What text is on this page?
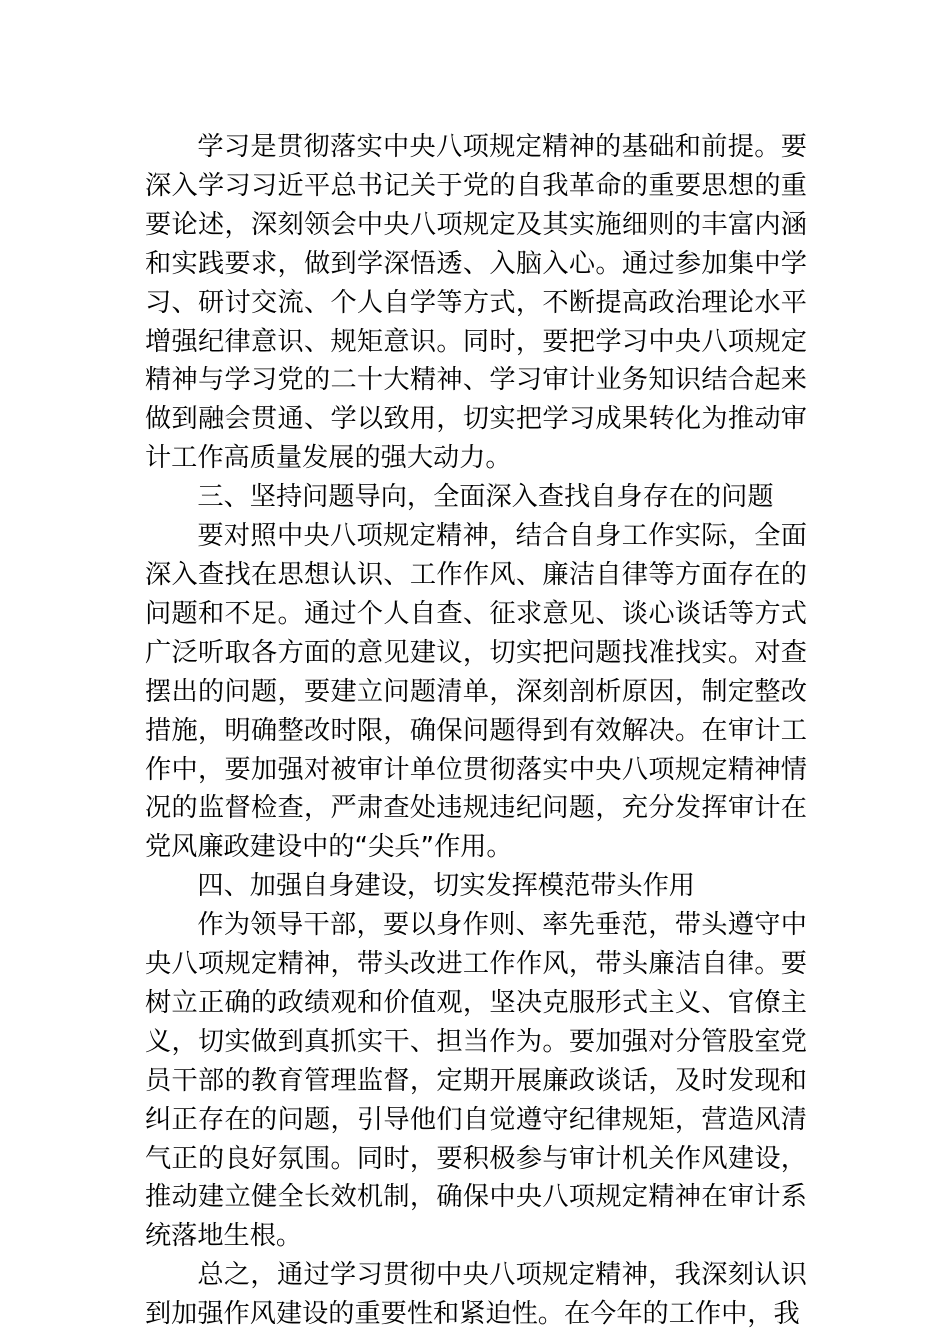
学习是贯彻落实中央八项规定精神的基础和前提。要深入学习习近平总书记关于党的自我革命的重要思想的重要论述，深刻领会中央八项规定及其实施细则的丰富内涵和实践要求，做到学深悟透、入脑入心。通过参加集中学习、研讨交流、个人自学等方式，不断提高政治理论水平增强纪律意识、规矩意识。同时，要把学习中央八项规定精神与学习党的二十大精神、学习审计业务知识结合起来做到融会贯通、学以致用，切实把学习成果转化为推动审计工作高质量发展的强大动力。

三、坚持问题导向，全面深入查找自身存在的问题

要对照中央八项规定精神，结合自身工作实际，全面深入查找在思想认识、工作作风、廉洁自律等方面存在的问题和不足。通过个人自查、征求意见、谈心谈话等方式广泛听取各方面的意见建议，切实把问题找准找实。对查摆出的问题，要建立问题清单，深刻剖析原因，制定整改措施，明确整改时限，确保问题得到有效解决。在审计工作中，要加强对被审计单位贯彻落实中央八项规定精神情况的监督检查，严肃查处违规违纪问题，充分发挥审计在党风廉政建设中的“尖兵”作用。

四、加强自身建设，切实发挥模范带头作用

作为领导干部，要以身作则、率先垂范，带头遵守中央八项规定精神，带头改进工作作风，带头廉洁自律。要树立正确的政绩观和价值观，坚决克服形式主义、官僚主义，切实做到真抓实干、担当作为。要加强对分管股室党员干部的教育管理监督，定期开展廉政谈话，及时发现和纠正存在的问题，引导他们自觉遵守纪律规矩，营造风清气正的良好氛围。同时，要积极参与审计机关作风建设，推动建立健全长效机制，确保中央八项规定精神在审计系统落地生根。

总之，通过学习贯彻中央八项规定精神，我深刻认识到加强作风建设的重要性和紧迫性。在今年的工作中，我
